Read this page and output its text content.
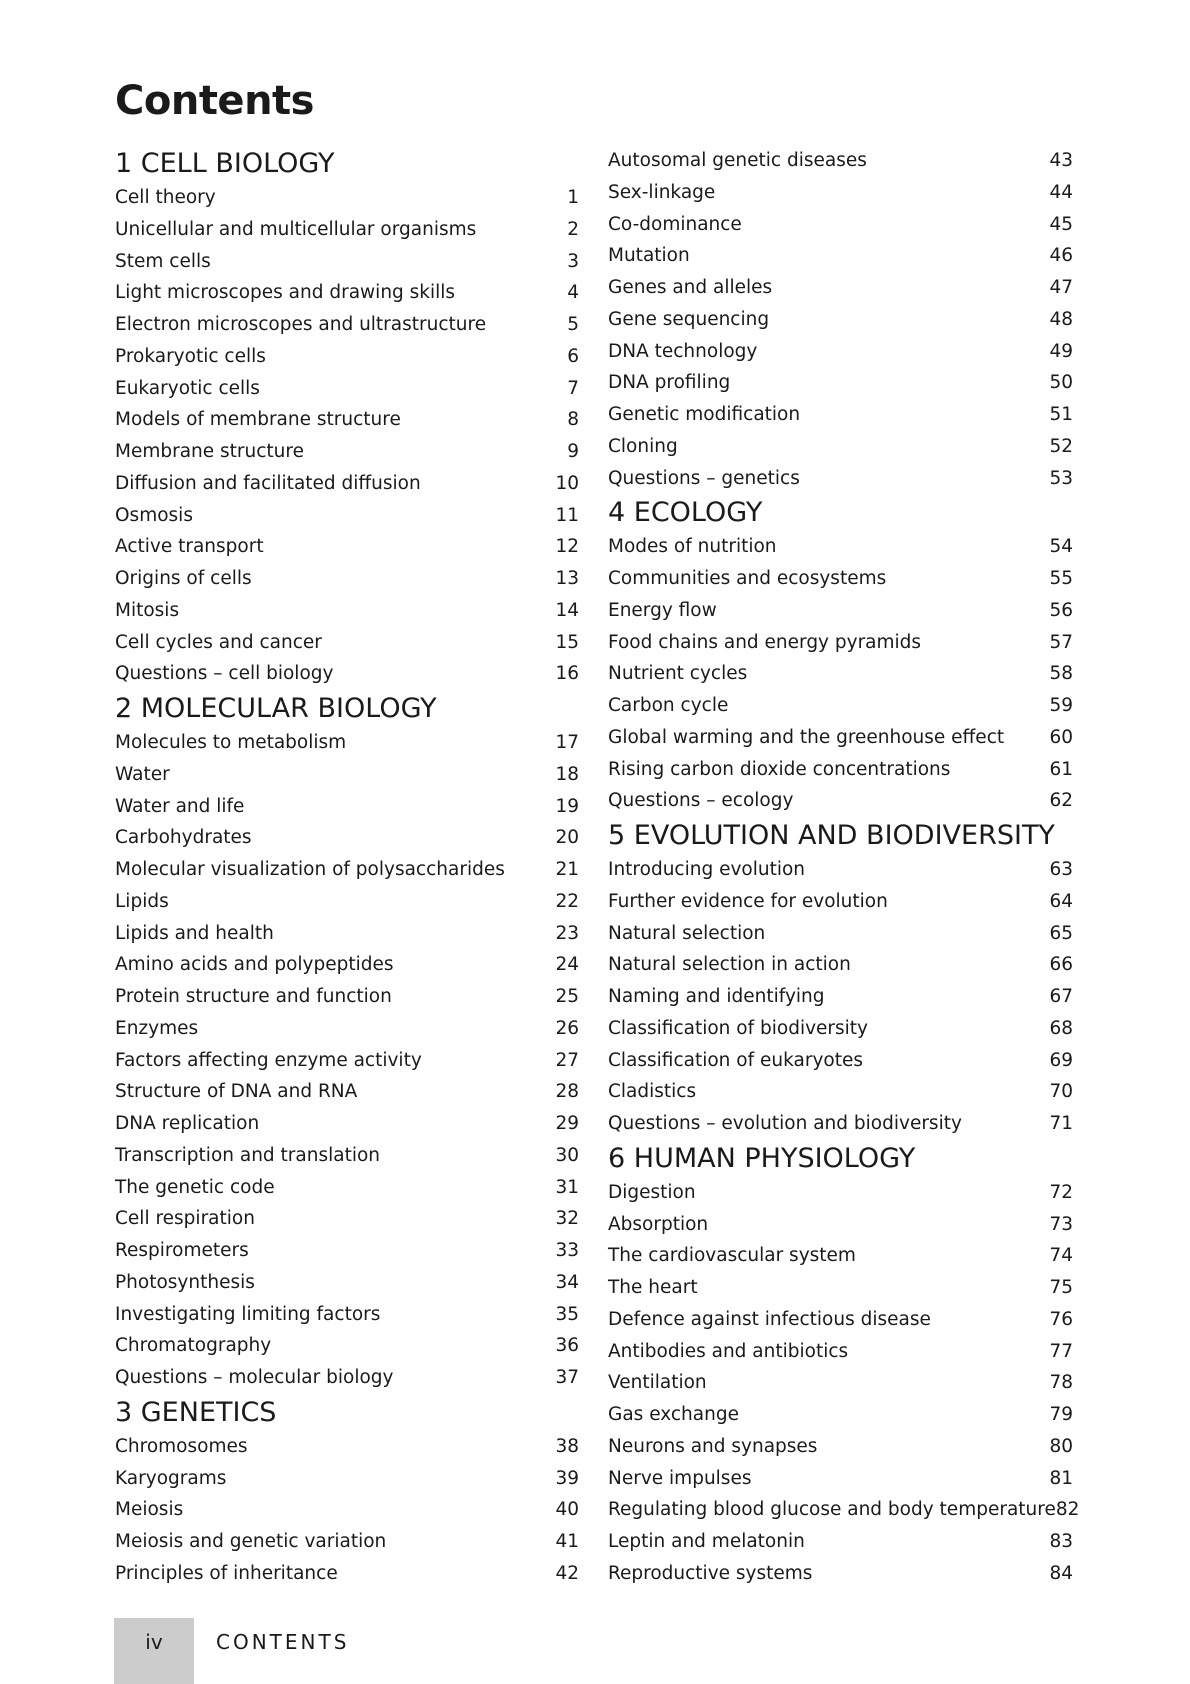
Contents
1 CELL BIOLOGY
Cell theory	1
Unicellular and multicellular organisms	2
Stem cells	3
Light microscopes and drawing skills	4
Electron microscopes and ultrastructure	5
Prokaryotic cells	6
Eukaryotic cells	7
Models of membrane structure	8
Membrane structure	9
Diffusion and facilitated diffusion	10
Osmosis	11
Active transport	12
Origins of cells	13
Mitosis	14
Cell cycles and cancer	15
Questions – cell biology	16
2 MOLECULAR BIOLOGY
Molecules to metabolism	17
Water	18
Water and life	19
Carbohydrates	20
Molecular visualization of polysaccharides	21
Lipids	22
Lipids and health	23
Amino acids and polypeptides	24
Protein structure and function	25
Enzymes	26
Factors affecting enzyme activity	27
Structure of DNA and RNA	28
DNA replication	29
Transcription and translation	30
The genetic code	31
Cell respiration	32
Respirometers	33
Photosynthesis	34
Investigating limiting factors	35
Chromatography	36
Questions – molecular biology	37
3 GENETICS
Chromosomes	38
Karyograms	39
Meiosis	40
Meiosis and genetic variation	41
Principles of inheritance	42
Autosomal genetic diseases	43
Sex-linkage	44
Co-dominance	45
Mutation	46
Genes and alleles	47
Gene sequencing	48
DNA technology	49
DNA profiling	50
Genetic modification	51
Cloning	52
Questions – genetics	53
4 ECOLOGY
Modes of nutrition	54
Communities and ecosystems	55
Energy flow	56
Food chains and energy pyramids	57
Nutrient cycles	58
Carbon cycle	59
Global warming and the greenhouse effect 60
Rising carbon dioxide concentrations	61
Questions – ecology	62
5 EVOLUTION AND BIODIVERSITY
Introducing evolution	63
Further evidence for evolution	64
Natural selection	65
Natural selection in action	66
Naming and identifying	67
Classification of biodiversity	68
Classification of eukaryotes	69
Cladistics	70
Questions – evolution and biodiversity	71
6 HUMAN PHYSIOLOGY
Digestion	72
Absorption	73
The cardiovascular system	74
The heart	75
Defence against infectious disease	76
Antibodies and antibiotics	77
Ventilation	78
Gas exchange	79
Neurons and synapses	80
Nerve impulses	81
Regulating blood glucose and body temperature 82
Leptin and melatonin	83
Reproductive systems	84
iv	CONTENTS
